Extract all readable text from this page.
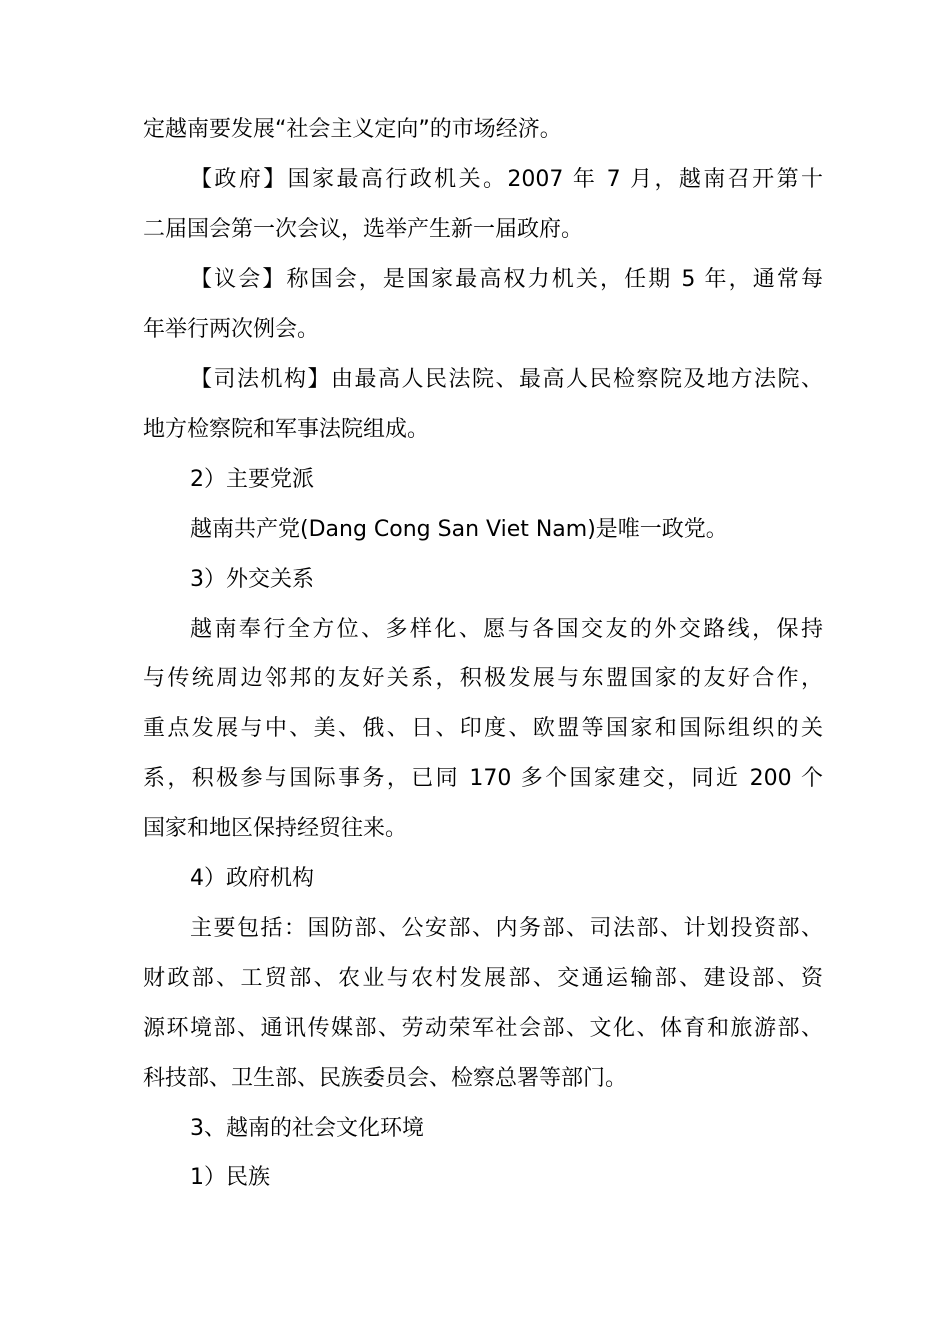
定越南要发展“社会主义定向”的市场经济。
【政府】国家最高行政机关。2007 年 7 月，越南召开第十
二届国会第一次会议，选举产生新一届政府。
【议会】称国会，是国家最高权力机关，任期 5 年，通常每
年举行两次例会。
【司法机构】由最高人民法院、最高人民检察院及地方法院、
地方检察院和军事法院组成。
2）主要党派
越南共产党(Dang Cong San Viet Nam)是唯一政党。
3）外交关系
越南奉行全方位、多样化、愿与各国交友的外交路线，保持
与传统周边邻邦的友好关系，积极发展与东盟国家的友好合作，
重点发展与中、美、俄、日、印度、欧盟等国家和国际组织的关
系，积极参与国际事务，已同 170 多个国家建交，同近 200 个
国家和地区保持经贸往来。
4）政府机构
主要包括：国防部、公安部、内务部、司法部、计划投资部、
财政部、工贸部、农业与农村发展部、交通运输部、建设部、资
源环境部、通讯传媒部、劳动荣军社会部、文化、体育和旅游部、
科技部、卫生部、民族委员会、检察总署等部门。
3、越南的社会文化环境
1）民族
